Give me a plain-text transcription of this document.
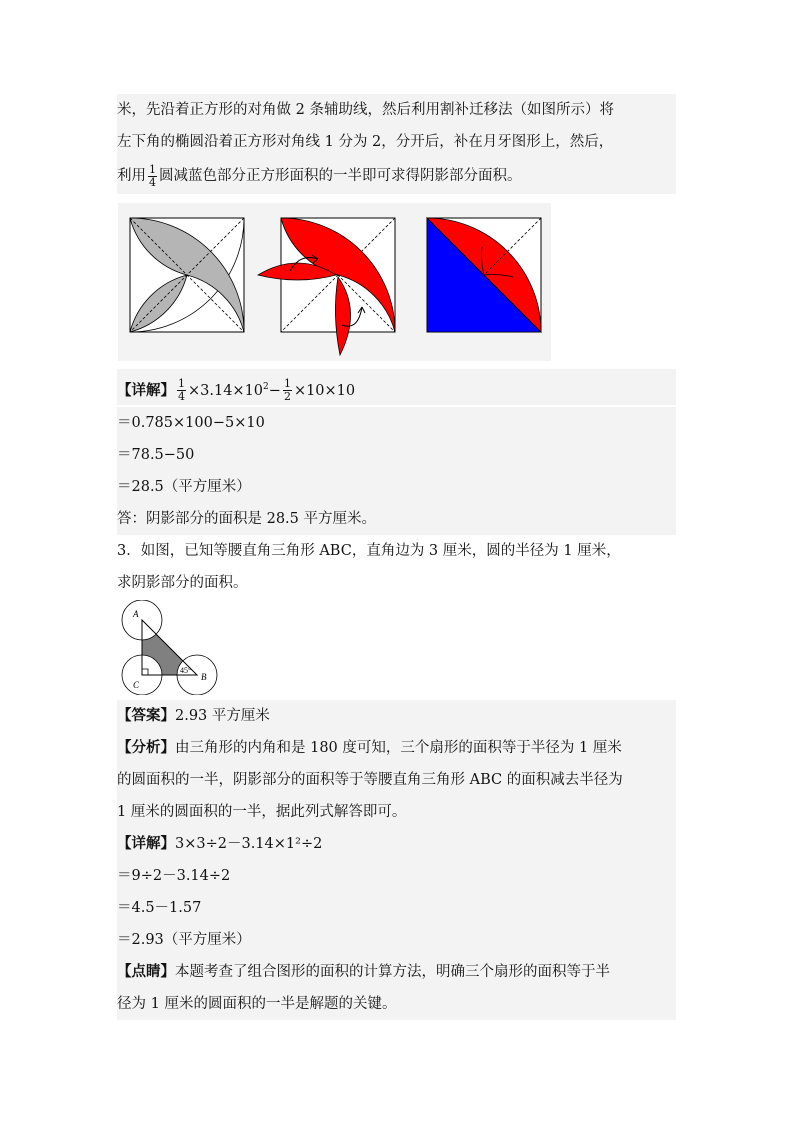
米，先沿着正方形的对角做 2 条辅助线，然后利用割补迁移法（如图所示）将
左下角的椭圆沿着正方形对角线 1 分为 2，分开后，补在月牙图形上，然后，
利用 $\frac{1}{4}$ 圆减蓝色部分正方形面积的一半即可求得阴影部分面积。
【详解】 $\frac{1}{4} \times 3.14\times 10^2- \frac{1}{2} \times 10\times 10$
＝0.785×100−5×10
＝78.5−50
＝28.5（平方厘米）
答：阴影部分的面积是 28.5 平方厘米。
3．如图，已知等腰直角三角形 ABC，直角边为 3 厘米，圆的半径为 1 厘米，
求阴影部分的面积。
A
C
B
45°
【答案】2.93 平方厘米
【分析】由三角形的内角和是 180 度可知，三个扇形的面积等于半径为 1 厘米
的圆面积的一半，阴影部分的面积等于等腰直角三角形 ABC 的面积减去半径为
1 厘米的圆面积的一半，据此列式解答即可。
【详解】3×3÷2－3.14×1²÷2
＝9÷2－3.14÷2
＝4.5－1.57
＝2.93（平方厘米）
【点睛】本题考查了组合图形的面积的计算方法，明确三个扇形的面积等于半
径为 1 厘米的圆面积的一半是解题的关键。
